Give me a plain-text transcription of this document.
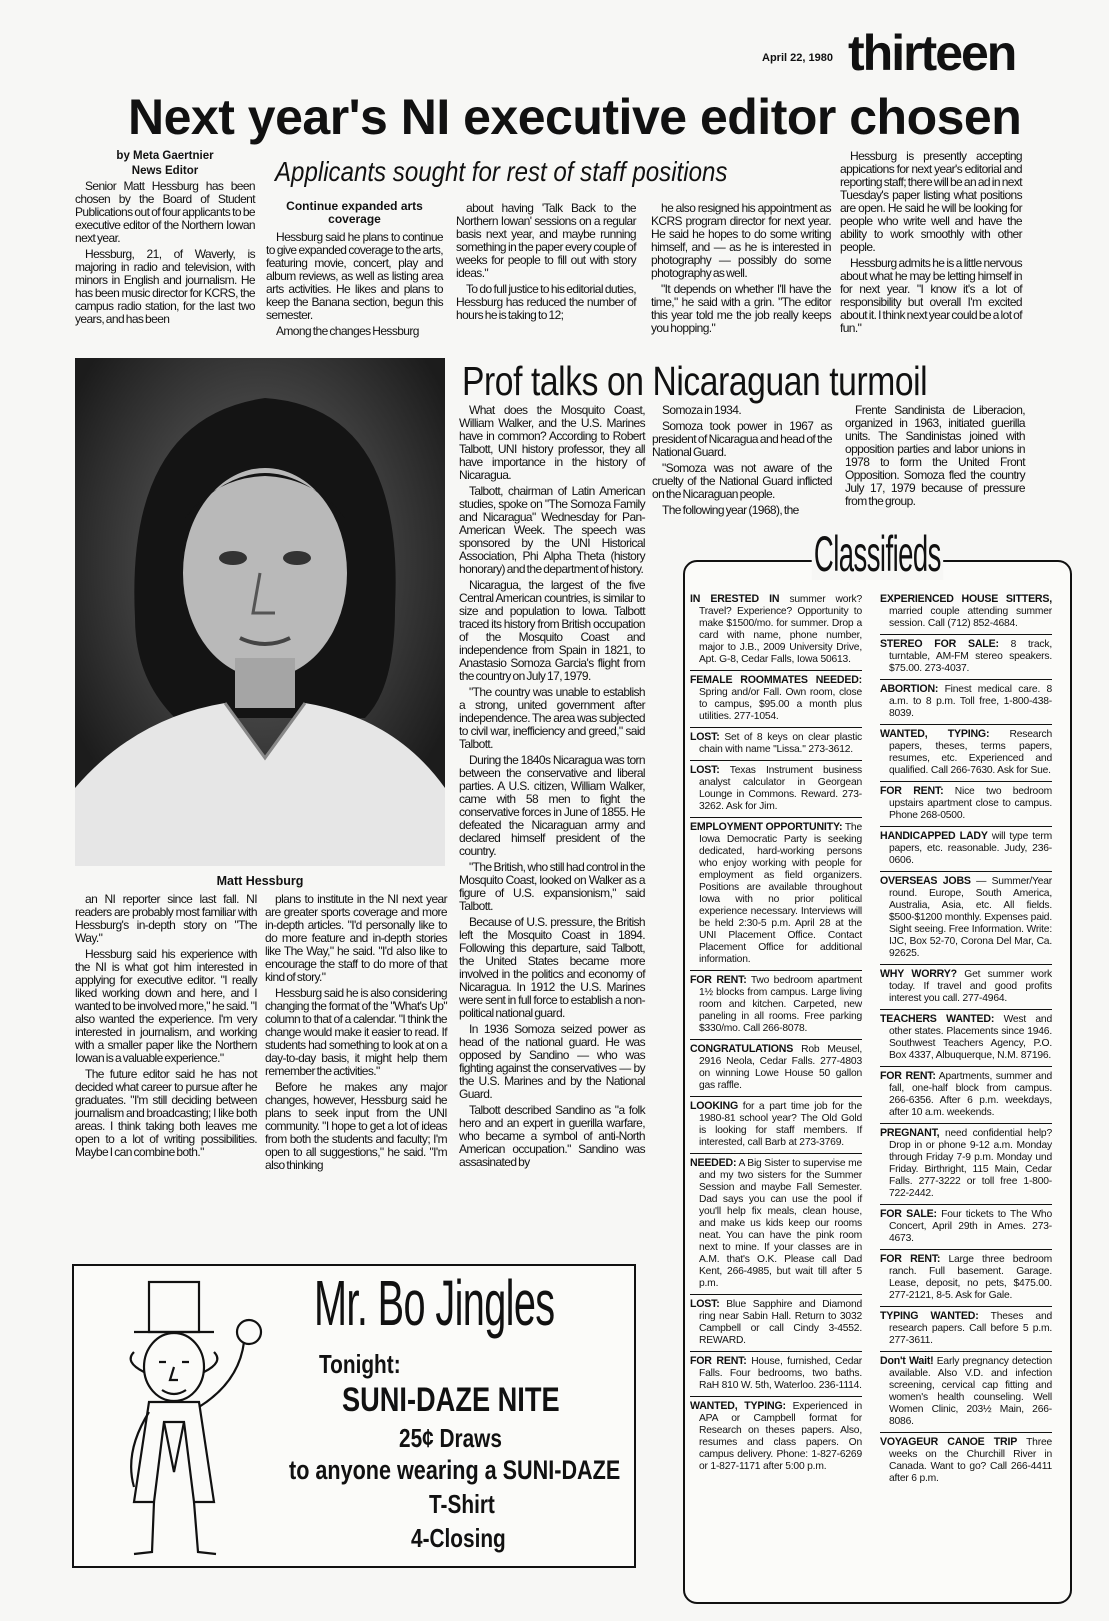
April 22, 1980 thirteen
Next year's NI executive editor chosen
Applicants sought for rest of staff positions
by Meta Gaertnier
News Editor

Senior Matt Hessburg has been chosen by the Board of Student Publications out of four applicants to be executive editor of the Northern Iowan next year.

Hessburg, 21, of Waverly, is majoring in radio and television, with minors in English and journalism. He has been music director for KCRS, the campus radio station, for the last two years, and has been

Continue expanded arts coverage

Hessburg said he plans to continue to give expanded coverage to the arts, featuring movie, concert, play and album reviews, as well as listing area arts activities. He likes and plans to keep the Banana section, begun this semester.

Among the changes Hessburg

about having 'Talk Back to the Northern Iowan' sessions on a regular basis next year, and maybe running something in the paper every couple of weeks for people to fill out with story ideas."

To do full justice to his editorial duties, Hessburg has reduced the number of hours he is taking to 12;

he also resigned his appointment as KCRS program director for next year. He said he hopes to do some writing himself, and — as he is interested in photography — possibly do some photography as well.

"It depends on whether I'll have the time," he said with a grin. "The editor this year told me the job really keeps you hopping."

Hessburg is presently accepting appications for next year's editorial and reporting staff; there will be an ad in next Tuesday's paper listing what positions are open. He said he will be looking for people who write well and have the ability to work smoothly with other people.

Hessburg admits he is a little nervous about what he may be letting himself in for next year. "I know it's a lot of responsibility but overall I'm excited about it. I think next year could be a lot of fun."

Matt Hessburg

an NI reporter since last fall. NI readers are probably most familiar with Hessburg's in-depth story on "The Way."

Hessburg said his experience with the NI is what got him interested in applying for executive editor. "I really liked working down and here, and I wanted to be involved more," he said. "I also wanted the experience. I'm very interested in journalism, and working with a smaller paper like the Northern Iowan is a valuable experience."

The future editor said he has not decided what career to pursue after he graduates. "I'm still deciding between journalism and broadcasting; I like both areas. I think taking both leaves me open to a lot of writing possibilities. Maybe I can combine both."

plans to institute in the NI next year are greater sports coverage and more in-depth articles. "I'd personally like to do more feature and in-depth stories like The Way," he said. "I'd also like to encourage the staff to do more of that kind of story."

Hessburg said he is also considering changing the format of the "What's Up" column to that of a calendar. "I think the change would make it easier to read. If students had something to look at on a day-to-day basis, it might help them remember the activities."

Before he makes any major changes, however, Hessburg said he plans to seek input from the UNI community. "I hope to get a lot of ideas from both the students and faculty; I'm open to all suggestions," he said. "I'm also thinking

Prof talks on Nicaraguan turmoil

What does the Mosquito Coast, William Walker, and the U.S. Marines have in common? According to Robert Talbott, UNI history professor, they all have importance in the history of Nicaragua.

Talbott, chairman of Latin American studies, spoke on "The Somoza Family and Nicaragua" Wednesday for Pan-American Week. The speech was sponsored by the UNI Historical Association, Phi Alpha Theta (history honorary) and the department of history.

Nicaragua, the largest of the five Central American countries, is similar to size and population to Iowa. Talbott traced its history from British occupation of the Mosquito Coast and independence from Spain in 1821, to Anastasio Somoza Garcia's flight from the country on July 17, 1979.

"The country was unable to establish a strong, united government after independence. The area was subjected to civil war, inefficiency and greed," said Talbott.

During the 1840s Nicaragua was torn between the conservative and liberal parties. A U.S. citizen, William Walker, came with 58 men to fight the conservative forces in June of 1855. He defeated the Nicaraguan army and declared himself president of the country.

"The British, who still had control in the Mosquito Coast, looked on Walker as a figure of U.S. expansionism," said Talbott.

Because of U.S. pressure, the British left the Mosquito Coast in 1894. Following this departure, said Talbott, the United States became more involved in the politics and economy of Nicaragua. In 1912 the U.S. Marines were sent in full force to establish a non-political national guard.

In 1936 Somoza seized power as head of the national guard. He was opposed by Sandino — who was fighting against the conservatives — by the U.S. Marines and by the National Guard.

Talbott described Sandino as "a folk hero and an expert in guerilla warfare, who became a symbol of anti-North American occupation." Sandino was assasinated by

Somoza in 1934.

Somoza took power in 1967 as president of Nicaragua and head of the National Guard.

"Somoza was not aware of the cruelty of the National Guard inflicted on the Nicaraguan people.

The following year (1968), the

Frente Sandinista de Liberacion, organized in 1963, initiated guerilla units. The Sandinistas joined with opposition parties and labor unions in 1978 to form the United Front Opposition. Somoza fled the country July 17, 1979 because of pressure from the group.

Classifieds
IN ERESTED IN summer work? Travel? Experience? Opportunity to make $1500/mo. for summer. Drop a card with name, phone number, major to J.B., 2009 University Drive, Apt. G-8, Cedar Falls, Iowa 50613.
FEMALE ROOMMATES NEEDED: Spring and/or Fall. Own room, close to campus, $95.00 a month plus utilities. 277-1054.
LOST: Set of 8 keys on clear plastic chain with name "Lissa." 273-3612.
LOST: Texas Instrument business analyst calculator in Georgean Lounge in Commons. Reward. 273-3262. Ask for Jim.
EMPLOYMENT OPPORTUNITY: The Iowa Democratic Party is seeking dedicated, hard-working persons who enjoy working with people for employment as field organizers. Positions are available throughout Iowa with no prior political experience necessary. Interviews will be held 2:30-5 p.m. April 28 at the UNI Placement Office. Contact Placement Office for additional information.
FOR RENT: Two bedroom apartment 1½ blocks from campus. Large living room and kitchen. Carpeted, new paneling in all rooms. Free parking $330/mo. Call 266-8078.
CONGRATULATIONS Rob Meusel, 2916 Neola, Cedar Falls. 277-4803 on winning Lowe House 50 gallon gas raffle.
LOOKING for a part time job for the 1980-81 school year? The Old Gold is looking for staff members. If interested, call Barb at 273-3769.
NEEDED: A Big Sister to supervise me and my two sisters for the Summer Session and maybe Fall Semester. Dad says you can use the pool if you'll help fix meals, clean house, and make us kids keep our rooms neat. You can have the pink room next to mine. If your classes are in A.M. that's O.K. Please call Dad Kent, 266-4985, but wait till after 5 p.m.
LOST: Blue Sapphire and Diamond ring near Sabin Hall. Return to 3032 Campbell or call Cindy 3-4552. REWARD.
FOR RENT: House, furnished, Cedar Falls. Four bedrooms, two baths. RaH 810 W. 5th, Waterloo. 236-1114.
WANTED, TYPING: Experienced in APA or Campbell format for Research on theses papers. Also, resumes and class papers. On campus delivery. Phone: 1-827-6269 or 1-827-1171 after 5:00 p.m.
EXPERIENCED HOUSE SITTERS, married couple attending summer session. Call (712) 852-4684.
STEREO FOR SALE: 8 track, turntable, AM-FM stereo speakers. $75.00. 273-4037.
ABORTION: Finest medical care. 8 a.m. to 8 p.m. Toll free, 1-800-438-8039.
WANTED, TYPING: Research papers, theses, terms papers, resumes, etc. Experienced and qualified. Call 266-7630. Ask for Sue.
FOR RENT: Nice two bedroom upstairs apartment close to campus. Phone 268-0500.
HANDICAPPED LADY will type term papers, etc. reasonable. Judy, 236-0606.
OVERSEAS JOBS — Summer/Year round. Europe, South America, Australia, Asia, etc. All fields. $500-$1200 monthly. Expenses paid. Sight seeing. Free Information. Write: IJC, Box 52-70, Corona Del Mar, Ca. 92625.
WHY WORRY? Get summer work today. If travel and good profits interest you call. 277-4964.
TEACHERS WANTED: West and other states. Placements since 1946. Southwest Teachers Agency, P.O. Box 4337, Albuquerque, N.M. 87196.
FOR RENT: Apartments, summer and fall, one-half block from campus. 266-6356. After 6 p.m. weekdays, after 10 a.m. weekends.
PREGNANT, need confidential help? Drop in or phone 9-12 a.m. Monday through Friday 7-9 p.m. Monday und Friday. Birthright, 115 Main, Cedar Falls. 277-3222 or toll free 1-800-722-2442.
FOR SALE: Four tickets to The Who Concert, April 29th in Ames. 273-4673.
FOR RENT: Large three bedroom ranch. Full basement. Garage. Lease, deposit, no pets, $475.00. 277-2121, 8-5. Ask for Gale.
TYPING WANTED: Theses and research papers. Call before 5 p.m. 277-3611.
Don't Wait! Early pregnancy detection available. Also V.D. and infection screening, cervical cap fitting and women's health counseling. Well Women Clinic, 203½ Main, 266-8086.
VOYAGEUR CANOE TRIP Three weeks on the Churchill River in Canada. Want to go? Call 266-4411 after 6 p.m.
Mr. Bo Jingles
Tonight:
SUNI-DAZE NITE
25¢ Draws
to anyone wearing a SUNI-DAZE
T-Shirt
4-Closing
